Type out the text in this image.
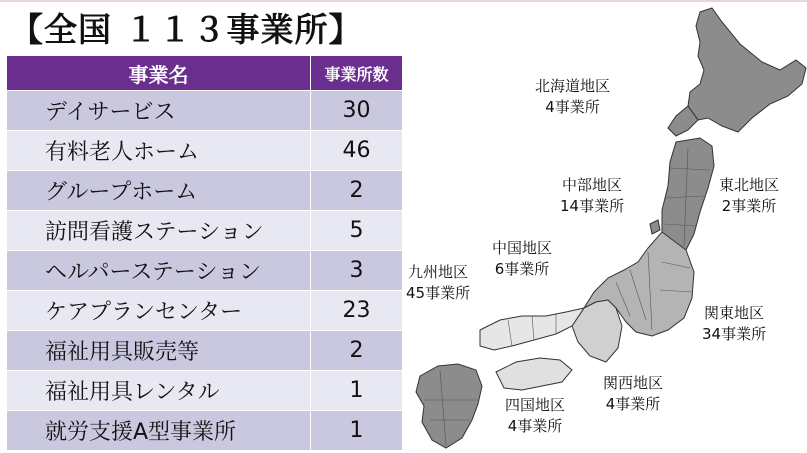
【全国 １１３事業所】
事業名	事業所数
デイサービス	30
有料老人ホーム	46
グループホーム	2
訪問看護ステーション	5
ヘルパーステーション	3
ケアプランセンター	23
福祉用具販売等	2
福祉用具レンタル	1
就労支援A型事業所	1
北海道地区
4事業所
中部地区
14事業所
東北地区
2事業所
中国地区
6事業所
九州地区
45事業所
関東地区
34事業所
関西地区
4事業所
四国地区
4事業所
